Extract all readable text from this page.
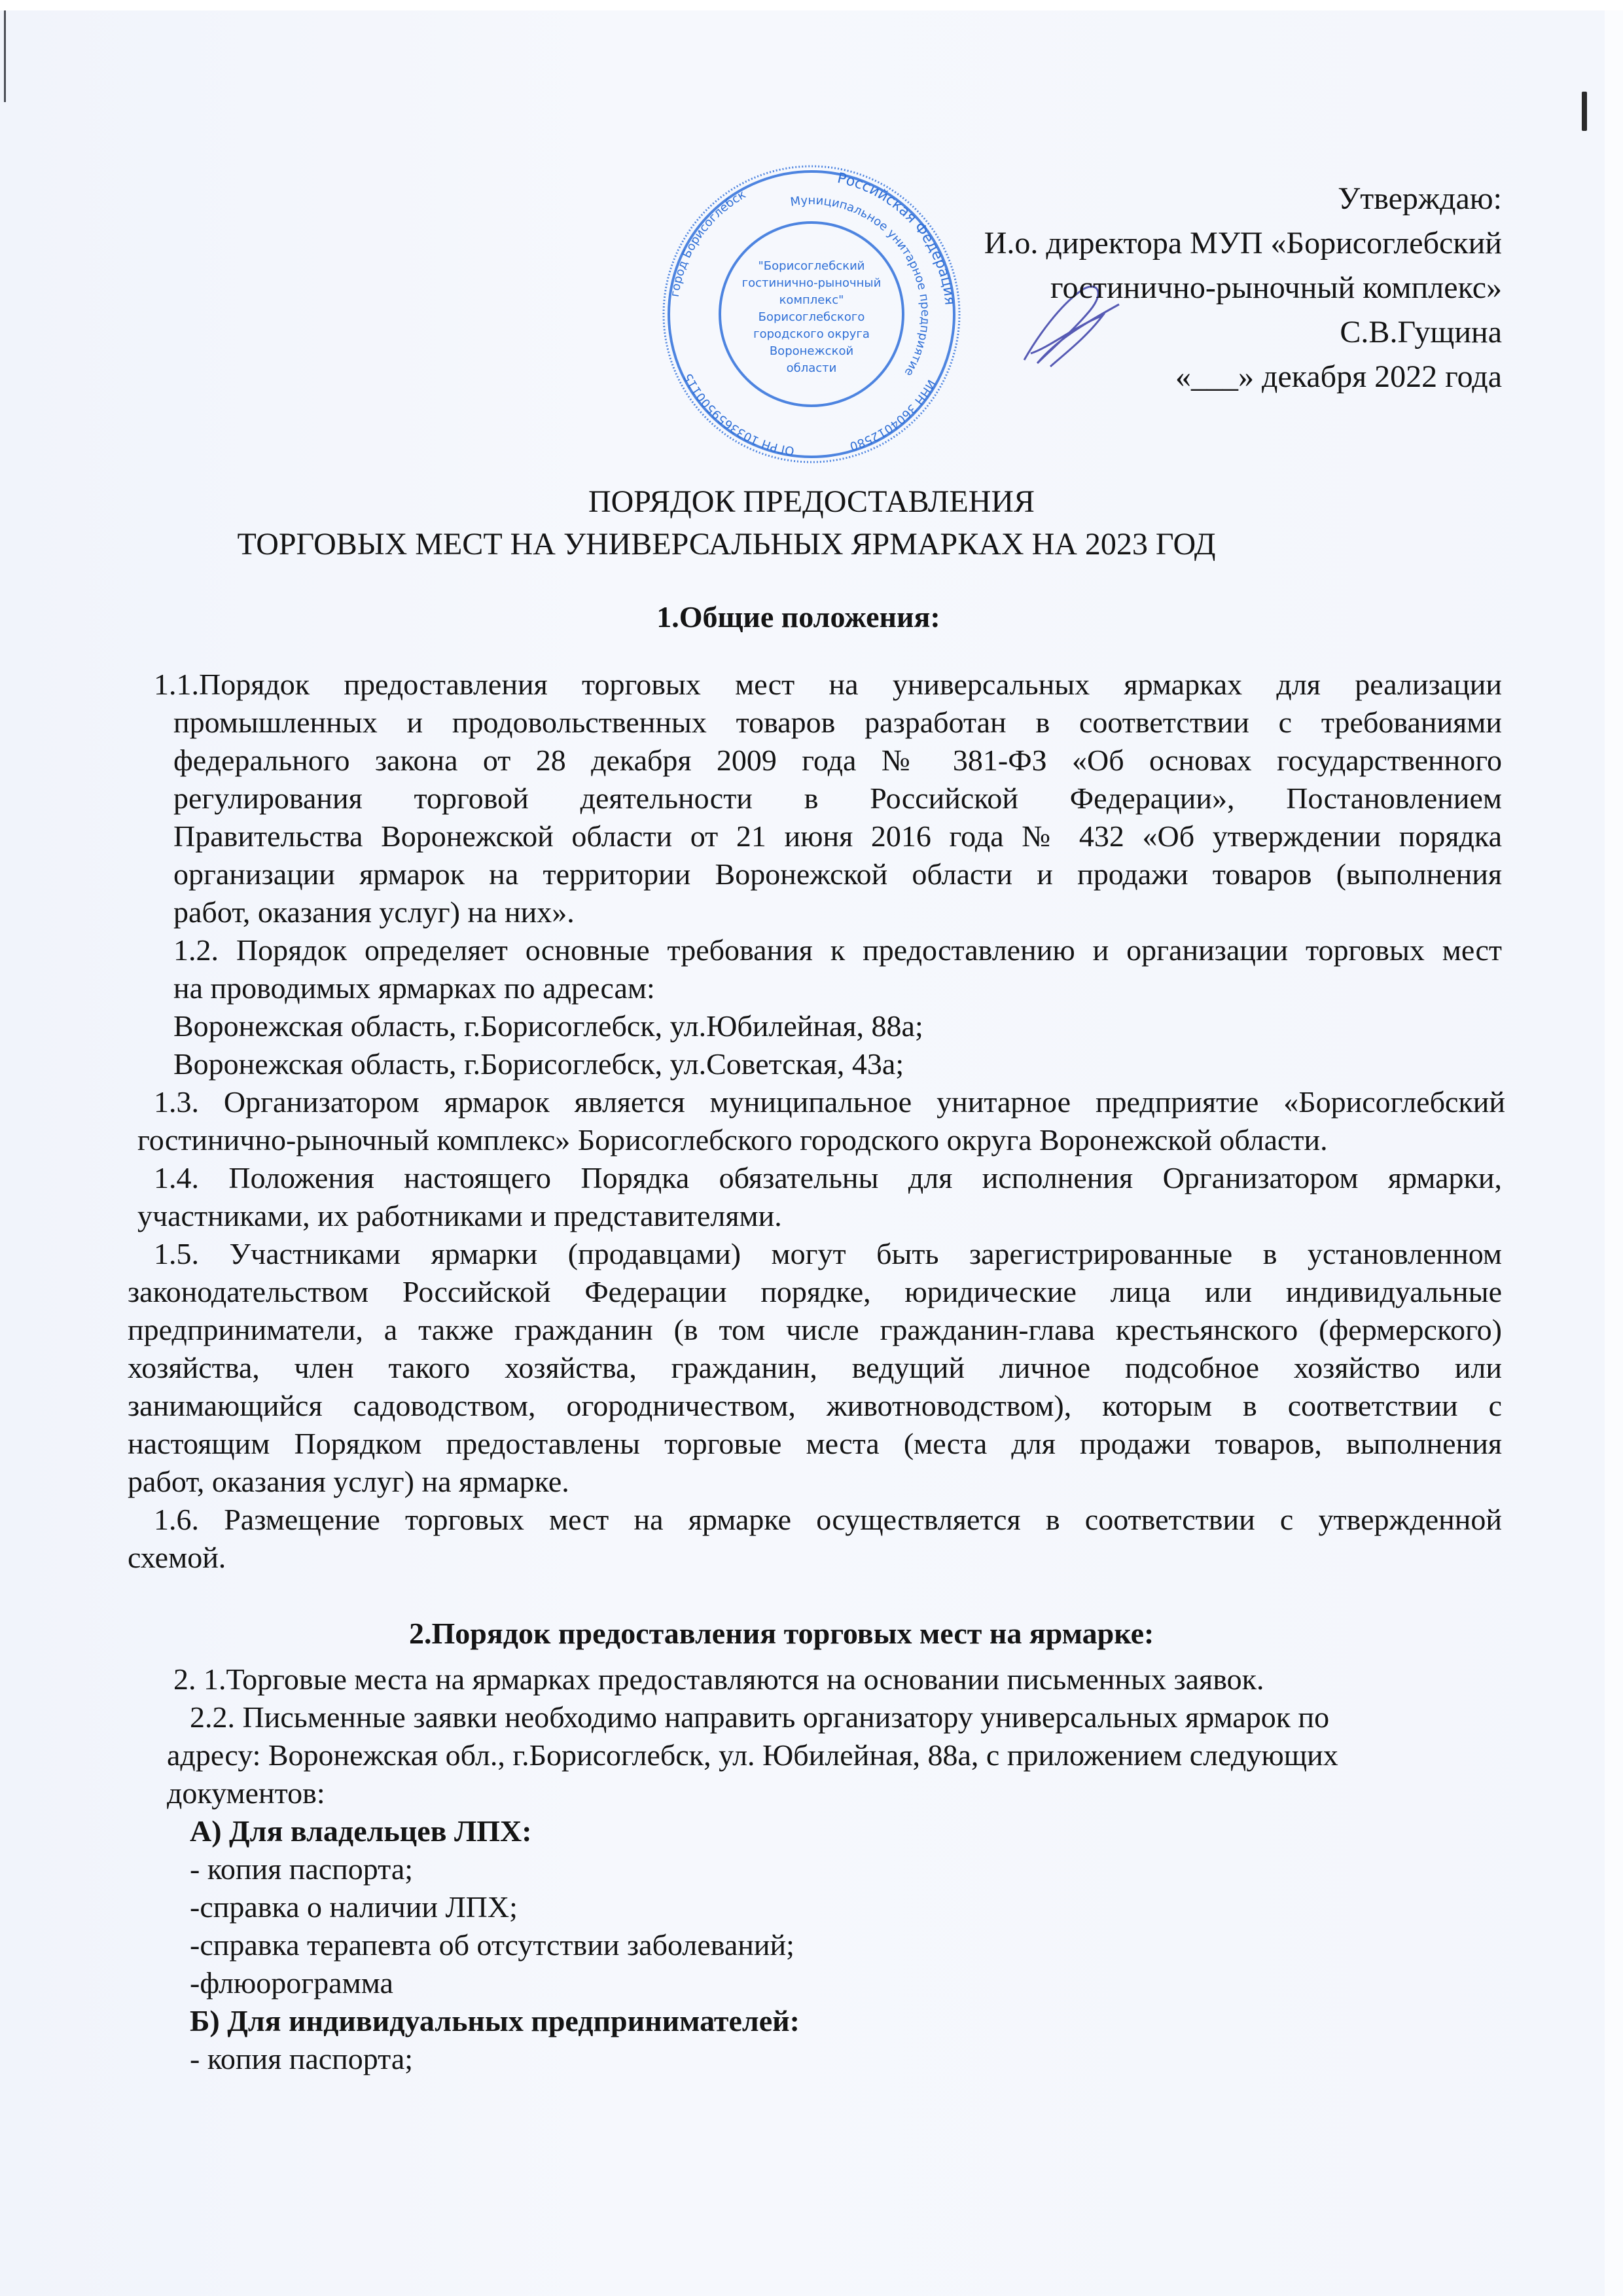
Российская Федерация
город Борисоглебск
ИНН 3604012580
ОГРН 1033659500115
Муниципальное унитарное предприятие
"Борисоглебский
гостинично-рыночный
комплекс"
Борисоглебского
городского округа
Воронежской
области
Утверждаю:
И.о. директора МУП «Борисоглебский
гостинично-рыночный комплекс»
С.В.Гущина
«___» декабря 2022 года
ПОРЯДОК ПРЕДОСТАВЛЕНИЯ
ТОРГОВЫХ МЕСТ НА УНИВЕРСАЛЬНЫХ ЯРМАРКАХ НА 2023 ГОД
1.Общие положения:
1.1.Порядок предоставления торговых мест на универсальных ярмарках для реализации
промышленных и продовольственных товаров разработан в соответствии с требованиями
федерального закона от 28 декабря 2009 года № 381-ФЗ «Об основах государственного
регулирования торговой деятельности в Российской Федерации», Постановлением
Правительства Воронежской области от 21 июня 2016 года № 432 «Об утверждении порядка
организации ярмарок на территории Воронежской области и продажи товаров (выполнения
работ, оказания услуг) на них».
1.2. Порядок определяет основные требования к предоставлению и организации торговых мест
на проводимых ярмарках по адресам:
Воронежская область, г.Борисоглебск, ул.Юбилейная, 88а;
Воронежская область, г.Борисоглебск, ул.Советская, 43а;
1.3. Организатором ярмарок является муниципальное унитарное предприятие «Борисоглебский
гостинично-рыночный комплекс» Борисоглебского городского округа Воронежской области.
1.4. Положения настоящего Порядка обязательны для исполнения Организатором ярмарки,
участниками, их работниками и представителями.
1.5. Участниками ярмарки (продавцами) могут быть зарегистрированные в установленном
законодательством Российской Федерации порядке, юридические лица или индивидуальные
предприниматели, а также гражданин (в том числе гражданин-глава крестьянского (фермерского)
хозяйства, член такого хозяйства, гражданин, ведущий личное подсобное хозяйство или
занимающийся садоводством, огородничеством, животноводством), которым в соответствии с
настоящим Порядком предоставлены торговые места (места для продажи товаров, выполнения
работ, оказания услуг) на ярмарке.
1.6. Размещение торговых мест на ярмарке осуществляется в соответствии с утвержденной
схемой.
2.Порядок предоставления торговых мест на ярмарке:
2. 1.Торговые места на ярмарках предоставляются на основании письменных заявок.
2.2. Письменные заявки необходимо направить организатору универсальных ярмарок по
адресу: Воронежская обл., г.Борисоглебск, ул. Юбилейная, 88а, с приложением следующих
документов:
А) Для владельцев ЛПХ:
- копия паспорта;
-справка о наличии ЛПХ;
-справка терапевта об отсутствии заболеваний;
-флюорограмма
Б) Для индивидуальных предпринимателей:
- копия паспорта;
